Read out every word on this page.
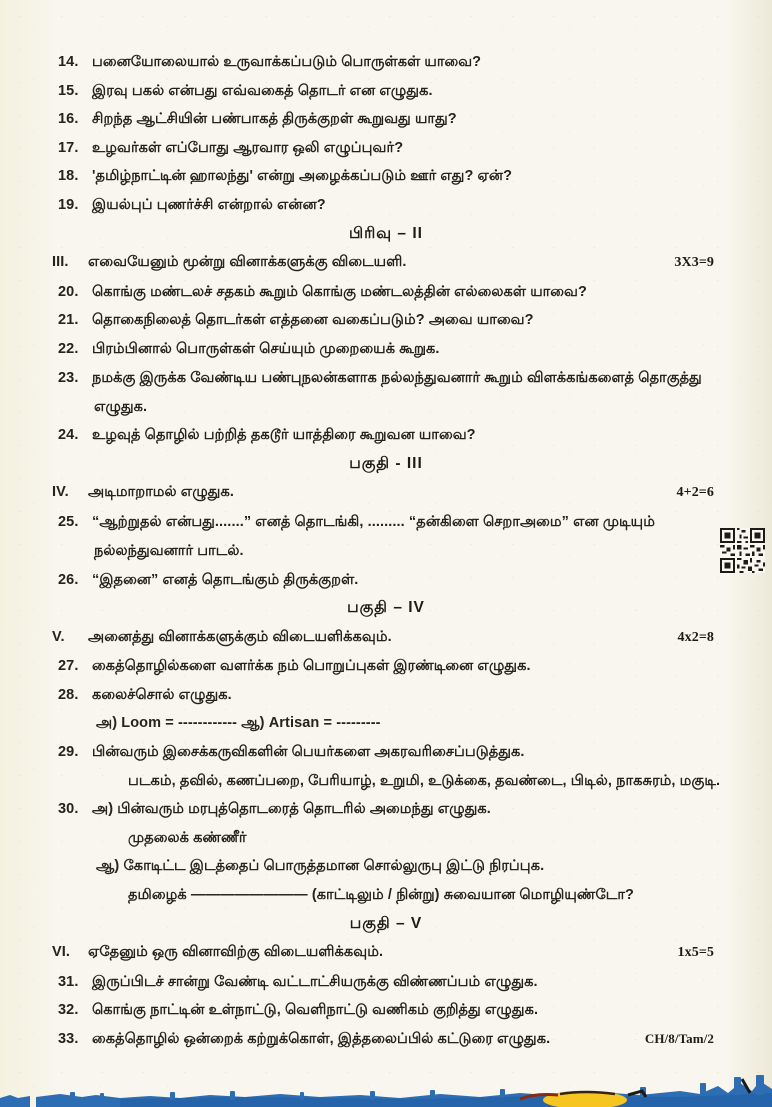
14. பனையோலையால் உருவாக்கப்படும் பொருள்கள் யாவை?
15. இரவு பகல் என்பது எவ்வகைத் தொடர் என எழுதுக.
16. சிறந்த ஆட்சியின் பண்பாகத் திருக்குறள் கூறுவது யாது?
17. உழவர்கள் எப்போது ஆரவார ஒலி எழுப்புவர்?
18. 'தமிழ்நாட்டின் ஹாலந்து' என்று அழைக்கப்படும் ஊர் எது? ஏன்?
19. இயல்புப் புணர்ச்சி என்றால் என்ன?
பிரிவு – II
III.	எவையேனும் மூன்று வினாக்களுக்கு விடையளி.	3X3=9
20. கொங்கு மண்டலச் சதகம் கூறும் கொங்கு மண்டலத்தின் எல்லைகள் யாவை?
21. தொகைநிலைத் தொடர்கள் எத்தனை வகைப்படும்? அவை யாவை?
22. பிரம்பினால் பொருள்கள் செய்யும் முறையைக் கூறுக.
23. நமக்கு இருக்க வேண்டிய பண்புநலன்களாக நல்லந்துவனார் கூறும் விளக்கங்களைத் தொகுத்து
எழுதுக.
24. உழவுத் தொழில் பற்றித் தகடூர் யாத்திரை கூறுவன யாவை?
பகுதி - III
IV.	அடிமாறாமல் எழுதுக.	4+2=6
25. “ஆற்றுதல் என்பது.......” எனத் தொடங்கி, ......... “தன்கிளை செறாஅமை” என முடியும்
நல்லந்துவனார் பாடல்.
26. “இதனை” எனத் தொடங்கும் திருக்குறள்.
பகுதி – IV
V.	அனைத்து வினாக்களுக்கும் விடையளிக்கவும்.	4x2=8
27. கைத்தொழில்களை வளர்க்க நம் பொறுப்புகள் இரண்டினை எழுதுக.
28. கலைச்சொல் எழுதுக.
அ) Loom = ------------ ஆ) Artisan = ---------
29. பின்வரும் இசைக்கருவிகளின் பெயர்களை அகரவரிசைப்படுத்துக.
படகம், தவில், கணப்பறை, பேரியாழ், உறுமி, உடுக்கை, தவண்டை, பிடில், நாகசுரம், மகுடி.
30. அ) பின்வரும் மரபுத்தொடரைத் தொடரில் அமைந்து எழுதுக.
முதலைக் கண்ணீர்
ஆ) கோடிட்ட இடத்தைப் பொருத்தமான சொல்லுருபு இட்டு நிரப்புக.
தமிழைக் ———————— (காட்டிலும் / நின்று) சுவையான மொழியுண்டோ?
பகுதி – V
VI.	ஏதேனும் ஒரு வினாவிற்கு விடையளிக்கவும்.	1x5=5
31. இருப்பிடச் சான்று வேண்டி வட்டாட்சியருக்கு விண்ணப்பம் எழுதுக.
32. கொங்கு நாட்டின் உள்நாட்டு, வெளிநாட்டு வணிகம் குறித்து எழுதுக.
33. கைத்தொழில் ஒன்றைக் கற்றுக்கொள், இத்தலைப்பில் கட்டுரை எழுதுக.	CH/8/Tam/2
